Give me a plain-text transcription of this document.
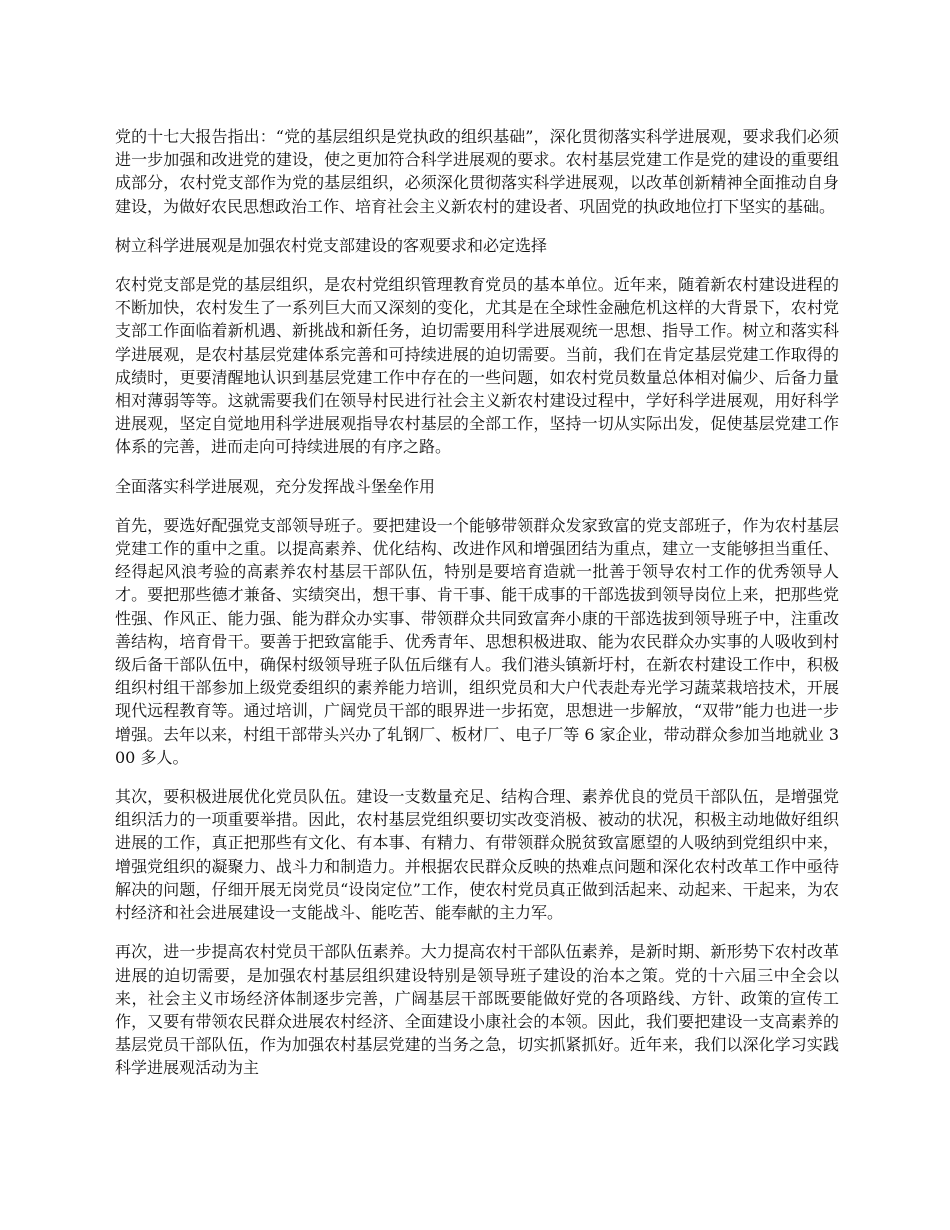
党的十七大报告指出：“党的基层组织是党执政的组织基础”，深化贯彻落实科学进展观，要求我们必须进一步加强和改进党的建设，使之更加符合科学进展观的要求。农村基层党建工作是党的建设的重要组成部分，农村党支部作为党的基层组织，必须深化贯彻落实科学进展观，以改革创新精神全面推动自身建设，为做好农民思想政治工作、培育社会主义新农村的建设者、巩固党的执政地位打下坚实的基础。

树立科学进展观是加强农村党支部建设的客观要求和必定选择

农村党支部是党的基层组织，是农村党组织管理教育党员的基本单位。近年来，随着新农村建设进程的不断加快，农村发生了一系列巨大而又深刻的变化，尤其是在全球性金融危机这样的大背景下，农村党支部工作面临着新机遇、新挑战和新任务，迫切需要用科学进展观统一思想、指导工作。树立和落实科学进展观，是农村基层党建体系完善和可持续进展的迫切需要。当前，我们在肯定基层党建工作取得的成绩时，更要清醒地认识到基层党建工作中存在的一些问题，如农村党员数量总体相对偏少、后备力量相对薄弱等等。这就需要我们在领导村民进行社会主义新农村建设过程中，学好科学进展观，用好科学进展观，坚定自觉地用科学进展观指导农村基层的全部工作，坚持一切从实际出发，促使基层党建工作体系的完善，进而走向可持续进展的有序之路。

全面落实科学进展观，充分发挥战斗堡垒作用

首先，要选好配强党支部领导班子。要把建设一个能够带领群众发家致富的党支部班子，作为农村基层党建工作的重中之重。以提高素养、优化结构、改进作风和增强团结为重点，建立一支能够担当重任、经得起风浪考验的高素养农村基层干部队伍，特别是要培育造就一批善于领导农村工作的优秀领导人才。要把那些德才兼备、实绩突出，想干事、肯干事、能干成事的干部选拔到领导岗位上来，把那些党性强、作风正、能力强、能为群众办实事、带领群众共同致富奔小康的干部选拔到领导班子中，注重改善结构，培育骨干。要善于把致富能手、优秀青年、思想积极进取、能为农民群众办实事的人吸收到村级后备干部队伍中，确保村级领导班子队伍后继有人。我们港头镇新圩村，在新农村建设工作中，积极组织村组干部参加上级党委组织的素养能力培训，组织党员和大户代表赴寿光学习蔬菜栽培技术，开展现代远程教育等。通过培训，广阔党员干部的眼界进一步拓宽，思想进一步解放，“双带”能力也进一步增强。去年以来，村组干部带头兴办了轧钢厂、板材厂、电子厂等 6 家企业，带动群众参加当地就业 300 多人。

其次，要积极进展优化党员队伍。建设一支数量充足、结构合理、素养优良的党员干部队伍，是增强党组织活力的一项重要举措。因此，农村基层党组织要切实改变消极、被动的状况，积极主动地做好组织进展的工作，真正把那些有文化、有本事、有精力、有带领群众脱贫致富愿望的人吸纳到党组织中来，增强党组织的凝聚力、战斗力和制造力。并根据农民群众反映的热难点问题和深化农村改革工作中亟待解决的问题，仔细开展无岗党员“设岗定位”工作，使农村党员真正做到活起来、动起来、干起来，为农村经济和社会进展建设一支能战斗、能吃苦、能奉献的主力军。

再次，进一步提高农村党员干部队伍素养。大力提高农村干部队伍素养，是新时期、新形势下农村改革进展的迫切需要，是加强农村基层组织建设特别是领导班子建设的治本之策。党的十六届三中全会以来，社会主义市场经济体制逐步完善，广阔基层干部既要能做好党的各项路线、方针、政策的宣传工作，又要有带领农民群众进展农村经济、全面建设小康社会的本领。因此，我们要把建设一支高素养的基层党员干部队伍，作为加强农村基层党建的当务之急，切实抓紧抓好。近年来，我们以深化学习实践科学进展观活动为主
